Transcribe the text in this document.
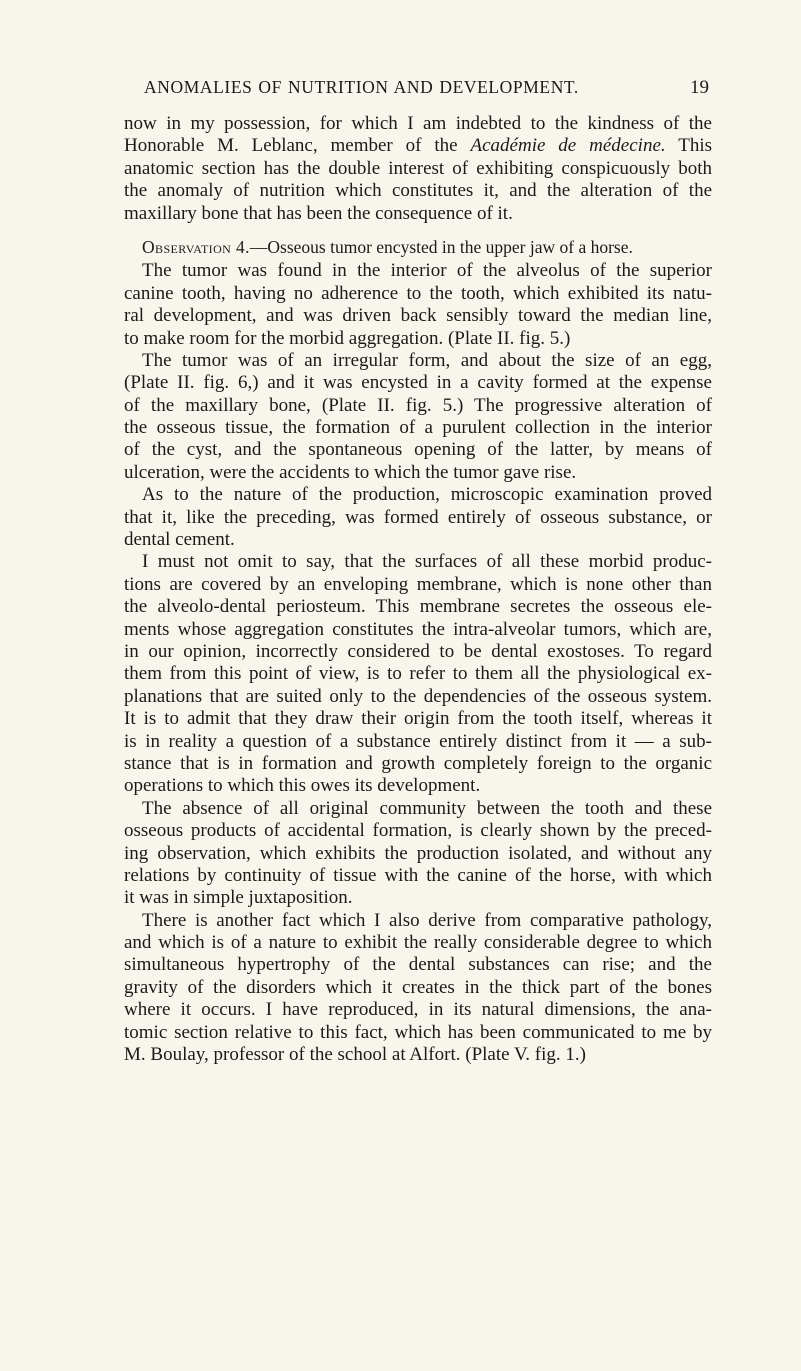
ANOMALIES OF NUTRITION AND DEVELOPMENT.	19
now in my possession, for which I am indebted to the kindness of the
Honorable M. Leblanc, member of the Académie de médecine. This
anatomic section has the double interest of exhibiting conspicuously both
the anomaly of nutrition which constitutes it, and the alteration of the
maxillary bone that has been the consequence of it.
Observation 4.—Osseous tumor encysted in the upper jaw of a horse.
The tumor was found in the interior of the alveolus of the superior
canine tooth, having no adherence to the tooth, which exhibited its natu-
ral development, and was driven back sensibly toward the median line,
to make room for the morbid aggregation. (Plate II. fig. 5.)
The tumor was of an irregular form, and about the size of an egg,
(Plate II. fig. 6,) and it was encysted in a cavity formed at the expense
of the maxillary bone, (Plate II. fig. 5.) The progressive alteration of
the osseous tissue, the formation of a purulent collection in the interior
of the cyst, and the spontaneous opening of the latter, by means of
ulceration, were the accidents to which the tumor gave rise.
As to the nature of the production, microscopic examination proved
that it, like the preceding, was formed entirely of osseous substance, or
dental cement.
I must not omit to say, that the surfaces of all these morbid produc-
tions are covered by an enveloping membrane, which is none other than
the alveolo-dental periosteum. This membrane secretes the osseous ele-
ments whose aggregation constitutes the intra-alveolar tumors, which are,
in our opinion, incorrectly considered to be dental exostoses. To regard
them from this point of view, is to refer to them all the physiological ex-
planations that are suited only to the dependencies of the osseous system.
It is to admit that they draw their origin from the tooth itself, whereas it
is in reality a question of a substance entirely distinct from it — a sub-
stance that is in formation and growth completely foreign to the organic
operations to which this owes its development.
The absence of all original community between the tooth and these
osseous products of accidental formation, is clearly shown by the preced-
ing observation, which exhibits the production isolated, and without any
relations by continuity of tissue with the canine of the horse, with which
it was in simple juxtaposition.
There is another fact which I also derive from comparative pathology,
and which is of a nature to exhibit the really considerable degree to which
simultaneous hypertrophy of the dental substances can rise; and the
gravity of the disorders which it creates in the thick part of the bones
where it occurs. I have reproduced, in its natural dimensions, the ana-
tomic section relative to this fact, which has been communicated to me by
M. Boulay, professor of the school at Alfort. (Plate V. fig. 1.)
